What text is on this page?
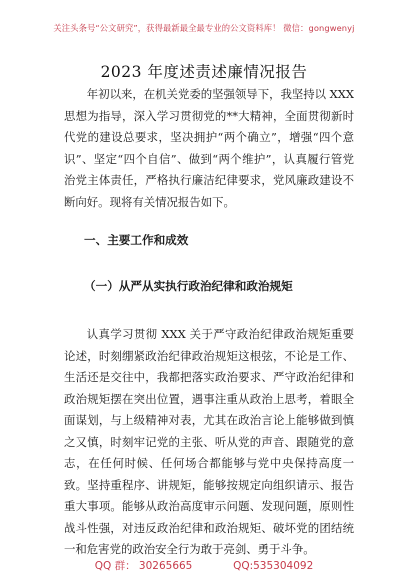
关注头条号“公文研究”，获得最新最全最专业的公文资料库！ 微信：gongwenyj
2023 年度述责述廉情况报告

年初以来，在机关党委的坚强领导下，我坚持以 XXX 思想为指导，深入学习贯彻党的**大精神，全面贯彻新时代党的建设总要求，坚决拥护“两个确立”，增强“四个意识”、坚定“四个自信”、做到“两个维护”，认真履行管党治党主体责任，严格执行廉洁纪律要求，党风廉政建设不断向好。现将有关情况报告如下。

一、主要工作和成效
（一）从严从实执行政治纪律和政治规矩

认真学习贯彻 XXX 关于严守政治纪律政治规矩重要论述，时刻绷紧政治纪律政治规矩这根弦，不论是工作、生活还是交往中，我都把落实政治要求、严守政治纪律和政治规矩摆在突出位置，遇事注重从政治上思考，着眼全面谋划，与上级精神对表，尤其在政治言论上能够做到慎之又慎，时刻牢记党的主张、听从党的声音、跟随党的意志，在任何时候、任何场合都能够与党中央保持高度一致。坚持重程序、讲规矩，能够按规定向组织请示、报告重大事项。能够从政治高度审示问题、发现问题，原则性战斗性强，对违反政治纪律和政治规矩、破坏党的团结统一和危害党的政治安全行为敢于亮剑、勇于斗争。

QQ 群： 30265665	QQ:535304092
